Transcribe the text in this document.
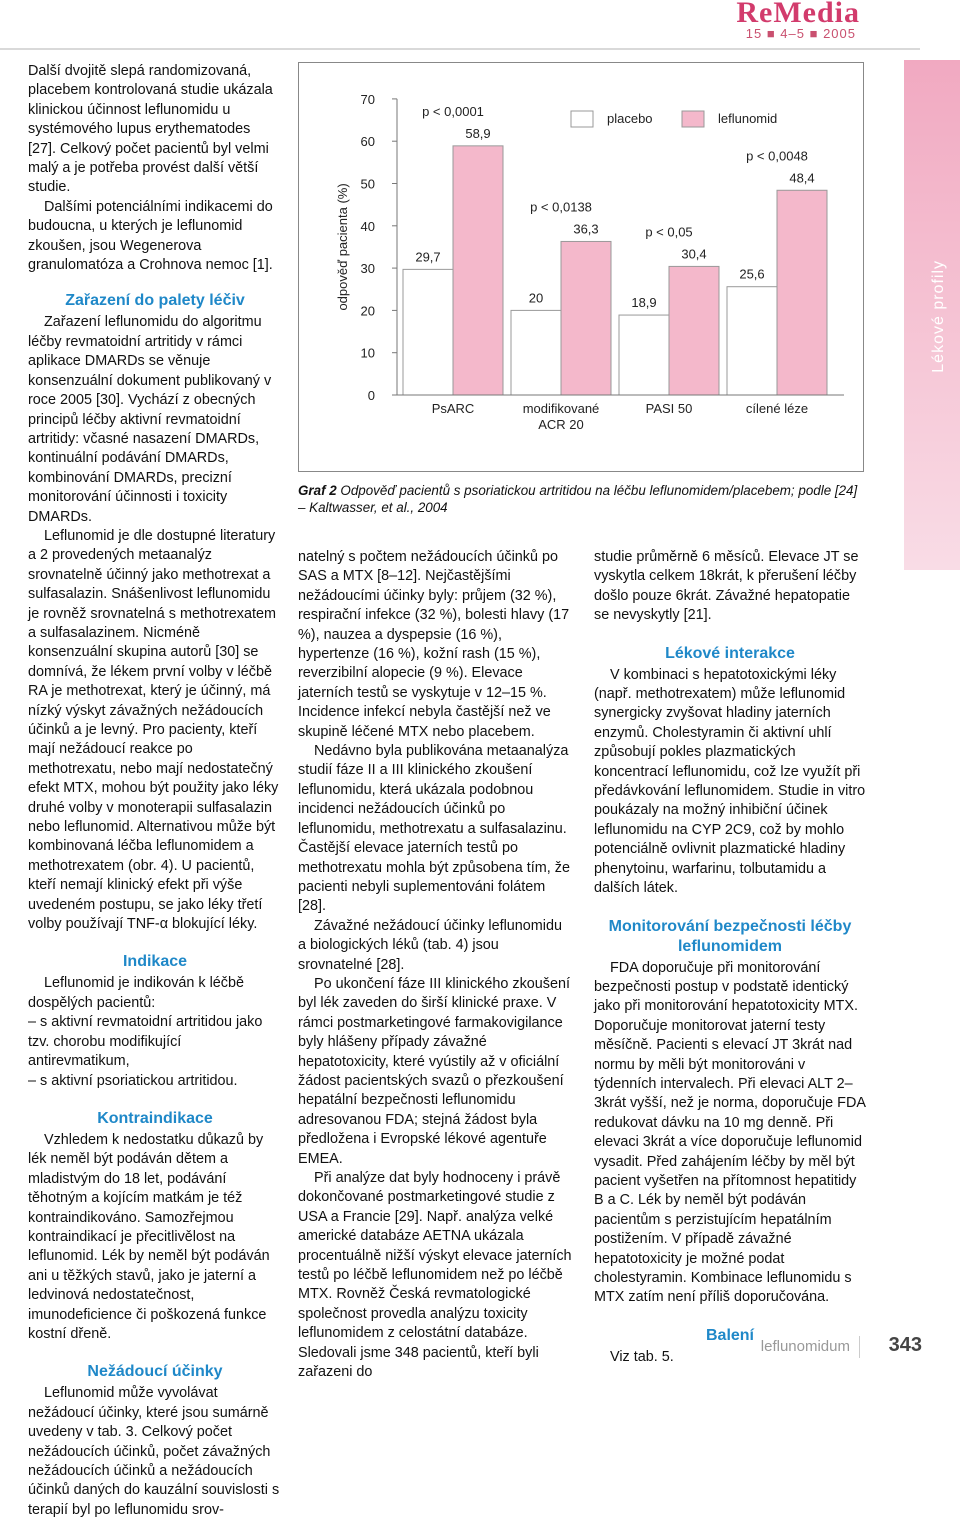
ReMedia
15 ■ 4–5 ■ 2005
Lékové profily

Další dvojitě slepá randomizovaná, placebem kontrolovaná studie ukázala klinickou účinnost leflunomidu u systémového lupus erythematodes [27]. Celkový počet pacientů byl velmi malý a je potřeba provést další větší studie.

Dalšími potenciálními indikacemi do budoucna, u kterých je leflunomid zkoušen, jsou Wegenerova granulomatóza a Crohnova nemoc [1].

Zařazení do palety léčiv

Zařazení leflunomidu do algoritmu léčby revmatoidní artritidy v rámci aplikace DMARDs se věnuje konsenzuální dokument publikovaný v roce 2005 [30]. Vychází z obecných principů léčby aktivní revmatoidní artritidy: včasné nasazení DMARDs, kontinuální podávání DMARDs, kombinování DMARDs, precizní monitorování účinnosti i toxicity DMARDs.

Leflunomid je dle dostupné literatury a 2 provedených metaanalýz srovnatelně účinný jako methotrexat a sulfasalazin. Snášenlivost leflunomidu je rovněž srovnatelná s methotrexatem a sulfasalazinem. Nicméně konsenzuální skupina autorů [30] se domnívá, že lékem první volby v léčbě RA je methotrexat, který je účinný, má nízký výskyt závažných nežádoucích účinků a je levný. Pro pacienty, kteří mají nežádoucí reakce po methotrexatu, nebo mají nedostatečný efekt MTX, mohou být použity jako léky druhé volby v monoterapii sulfasalazin nebo leflunomid. Alternativou může být kombinovaná léčba leflunomidem a methotrexatem (obr. 4). U pacientů, kteří nemají klinický efekt při výše uvedeném postupu, se jako léky třetí volby používají TNF-α blokující léky.

Indikace

Leflunomid je indikován k léčbě dospělých pacientů:

– s aktivní revmatoidní artritidou jako tzv. chorobu modifikující antirevmatikum,

– s aktivní psoriatickou artritidou.

Kontraindikace

Vzhledem k nedostatku důkazů by lék neměl být podáván dětem a mladistvým do 18 let, podávání těhotným a kojícím matkám je též kontraindikováno. Samozřejmou kontraindikací je přecitlivělost na leflunomid. Lék by neměl být podáván ani u těžkých stavů, jako je jaterní a ledvinová nedostatečnost, imunodeficience či poškozená funkce kostní dřeně.

Nežádoucí účinky

Leflunomid může vyvolávat nežádoucí účinky, které jsou sumárně uvedeny v tab. 3. Celkový počet nežádoucích účinků, počet závažných nežádoucích účinků a nežádoucích účinků daných do kauzální souvislosti s terapií byl po leflunomidu srov-

odpověď pacienta (%)
0
10
20
30
40
50
60
70
placebo	leflunomid
29,7
58,9
p < 0,0001
PsARC
20
36,3
p < 0,0138
modifikované
ACR 20
18,9
30,4
p < 0,05
PASI 50
25,6
48,4
p < 0,0048
cílené léze
Graf 2 Odpověď pacientů s psoriatickou artritidou na léčbu leflunomidem/placebem; podle [24] – Kaltwasser, et al., 2004

natelný s počtem nežádoucích účinků po SAS a MTX [8–12]. Nejčastějšími nežádoucími účinky byly: průjem (32 %), respirační infekce (32 %), bolesti hlavy (17 %), nauzea a dyspepsie (16 %), hypertenze (16 %), kožní rash (15 %), reverzibilní alopecie (9 %). Elevace jaterních testů se vyskytuje v 12–15 %. Incidence infekcí nebyla častější než ve skupině léčené MTX nebo placebem.

Nedávno byla publikována metaanalýza studií fáze II a III klinického zkoušení leflunomidu, která ukázala podobnou incidenci nežádoucích účinků po leflunomidu, methotrexatu a sulfasalazinu. Častější elevace jaterních testů po methotrexatu mohla být způsobena tím, že pacienti nebyli suplementováni folátem [28].

Závažné nežádoucí účinky leflunomidu a biologických léků (tab. 4) jsou srovnatelné [28].

Po ukončení fáze III klinického zkoušení byl lék zaveden do širší klinické praxe. V rámci postmarketingové farmakovigilance byly hlášeny případy závažné hepatotoxicity, které vyústily až v oficiální žádost pacientských svazů o přezkoušení hepatální bezpečnosti leflunomidu adresovanou FDA; stejná žádost byla předložena i Evropské lékové agentuře EMEA.

Při analýze dat byly hodnoceny i právě dokončované postmarketingové studie z USA a Francie [29]. Např. analýza velké americké databáze AETNA ukázala procentuálně nižší výskyt elevace jaterních testů po léčbě leflunomidem než po léčbě MTX. Rovněž Česká revmatologické společnost provedla analýzu toxicity leflunomidem z celostátní databáze. Sledovali jsme 348 pacientů, kteří byli zařazeni do

studie průměrně 6 měsíců. Elevace JT se vyskytla celkem 18krát, k přerušení léčby došlo pouze 6krát. Závažné hepatopatie se nevyskytly [21].

Lékové interakce

V kombinaci s hepatotoxickými léky (např. methotrexatem) může leflunomid synergicky zvyšovat hladiny jaterních enzymů. Cholestyramin či aktivní uhlí způsobují pokles plazmatických koncentrací leflunomidu, což lze využít při předávkování leflunomidem. Studie in vitro poukázaly na možný inhibiční účinek leflunomidu na CYP 2C9, což by mohlo potenciálně ovlivnit plazmatické hladiny phenytoinu, warfarinu, tolbutamidu a dalších látek.

Monitorování bezpečnosti léčby leflunomidem

FDA doporučuje při monitorování bezpečnosti postup v podstatě identický jako při monitorování hepatotoxicity MTX. Doporučuje monitorovat jaterní testy měsíčně. Pacienti s elevací JT 3krát nad normu by měli být monitorováni v týdenních intervalech. Při elevaci ALT 2–3krát vyšší, než je norma, doporučuje FDA redukovat dávku na 10 mg denně. Při elevaci 3krát a více doporučuje leflunomid vysadit. Před zahájením léčby by měl být pacient vyšetřen na přítomnost hepatitidy B a C. Lék by neměl být podáván pacientům s perzistujícím hepatálním postižením. V případě závažné hepatotoxicity je možné podat cholestyramin. Kombinace leflunomidu s MTX zatím není příliš doporučována.

Balení

Viz tab. 5.

leflunomidum 343
